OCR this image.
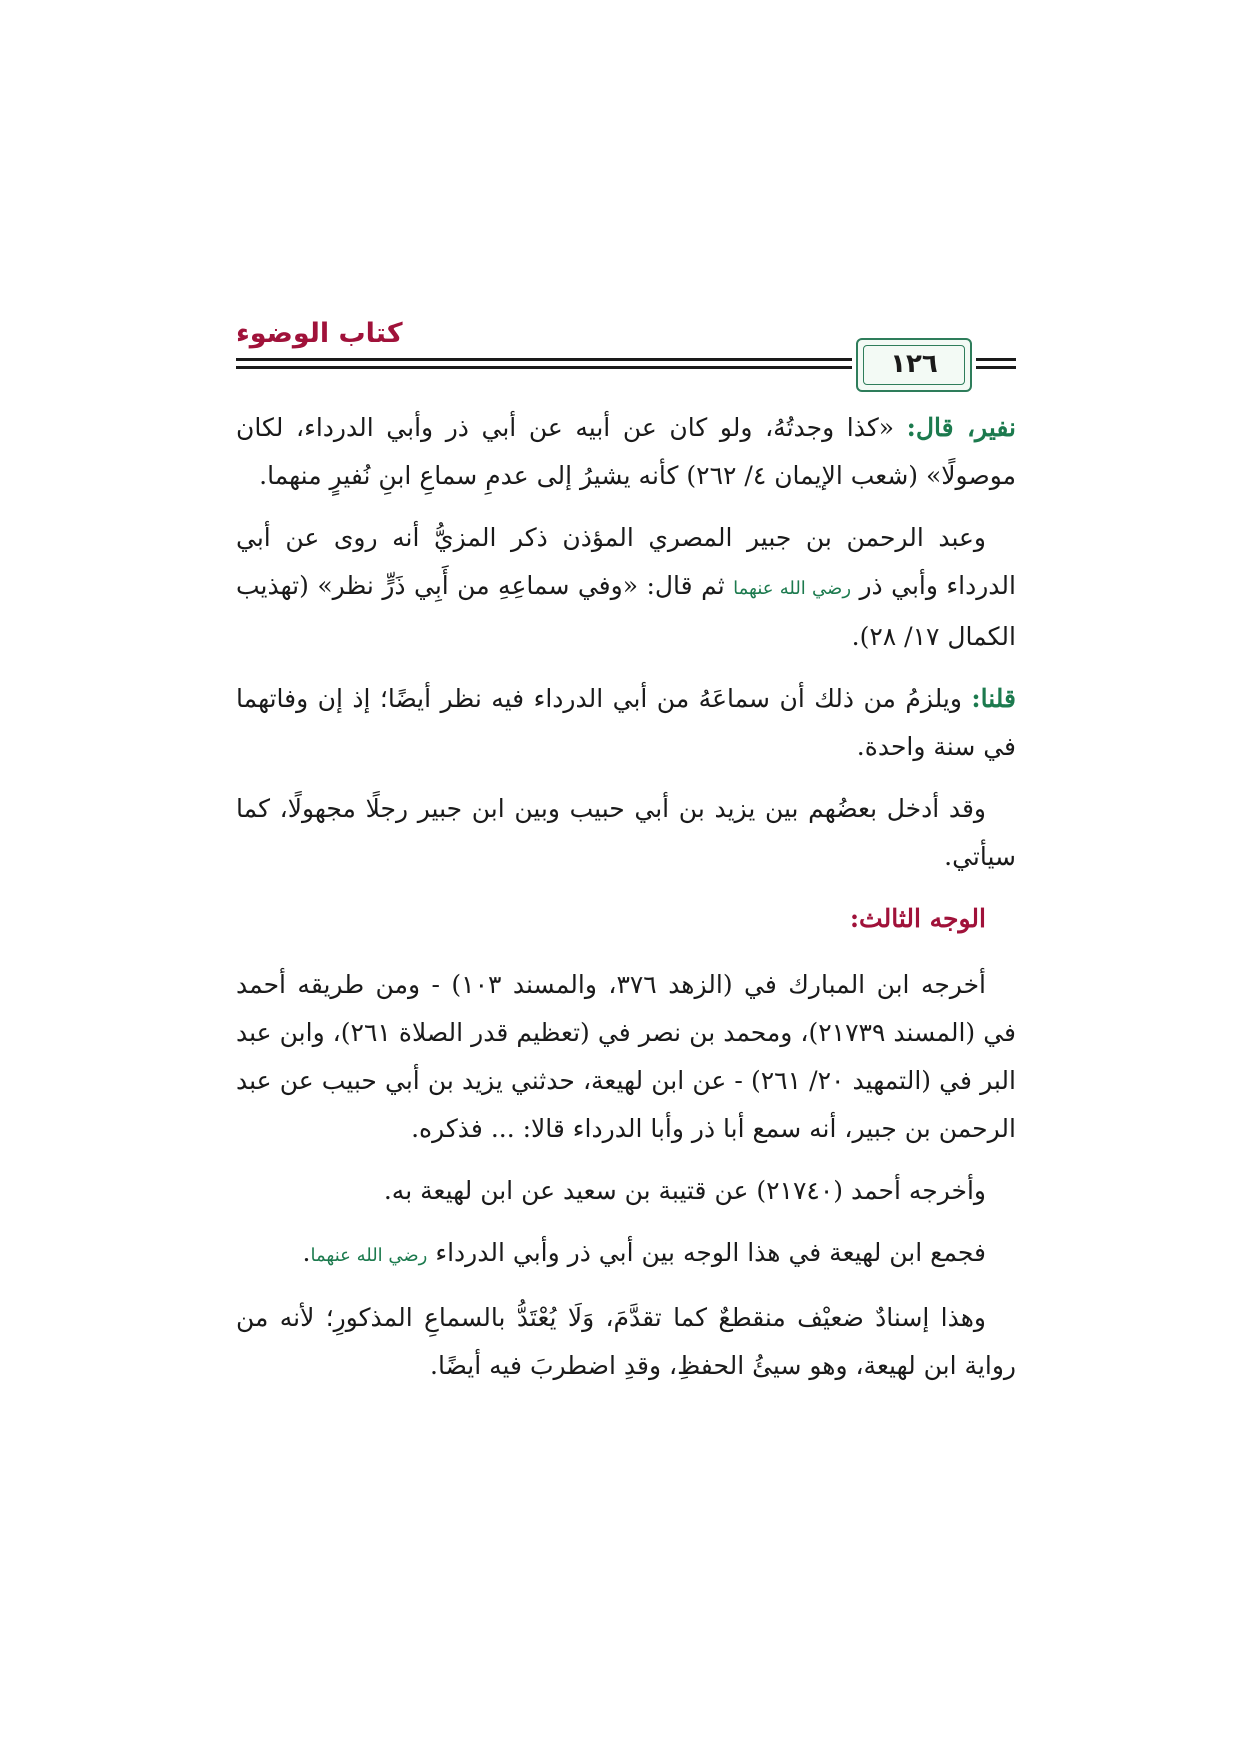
كتاب الوضوء
١٢٦

نفير، قال: «كذا وجدتُهُ، ولو كان عن أبيه عن أبي ذر وأبي الدرداء، لكان موصولًا» (شعب الإيمان ٤/ ٢٦٢) كأنه يشيرُ إلى عدمِ سماعِ ابنِ نُفيرٍ منهما.

وعبد الرحمن بن جبير المصري المؤذن ذكر المزيُّ أنه روى عن أبي الدرداء وأبي ذر رضي الله عنهما ثم قال: «وفي سماعِهِ من أَبِي ذَرٍّ نظر» (تهذيب الكمال ١٧/ ٢٨).

قلنا: ويلزمُ من ذلك أن سماعَهُ من أبي الدرداء فيه نظر أيضًا؛ إذ إن وفاتهما في سنة واحدة.

وقد أدخل بعضُهم بين يزيد بن أبي حبيب وبين ابن جبير رجلًا مجهولًا، كما سيأتي.

الوجه الثالث:

أخرجه ابن المبارك في (الزهد ٣٧٦، والمسند ١٠٣) - ومن طريقه أحمد في (المسند ٢١٧٣٩)، ومحمد بن نصر في (تعظيم قدر الصلاة ٢٦١)، وابن عبد البر في (التمهيد ٢٠/ ٢٦١) - عن ابن لهيعة، حدثني يزيد بن أبي حبيب عن عبد الرحمن بن جبير، أنه سمع أبا ذر وأبا الدرداء قالا: ... فذكره.

وأخرجه أحمد (٢١٧٤٠) عن قتيبة بن سعيد عن ابن لهيعة به.

فجمع ابن لهيعة في هذا الوجه بين أبي ذر وأبي الدرداء رضي الله عنهما.

وهذا إسنادٌ ضعيْف منقطعٌ كما تقدَّمَ، وَلَا يُعْتَدُّ بالسماعِ المذكورِ؛ لأنه من رواية ابن لهيعة، وهو سيئُ الحفظِ، وقدِ اضطربَ فيه أيضًا.
